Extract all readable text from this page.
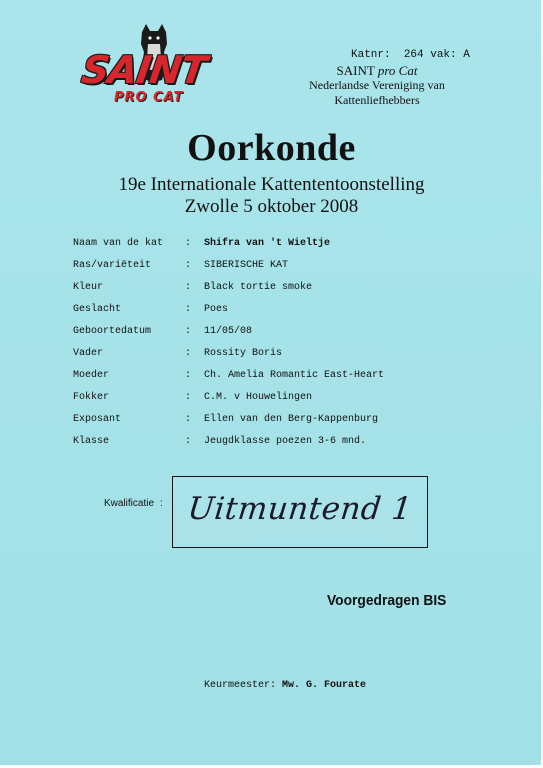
SAINT
PRO CAT
Katnr: 264 vak: A
SAINT pro Cat
Nederlandse Vereniging van
Kattenliefhebbers
Oorkonde
19e Internationale Kattententoonstelling
Zwolle 5 oktober 2008
Naam van de kat : Shifra van 't Wieltje
Ras/variëteit	: SIBERISCHE KAT
Kleur	: Black tortie smoke
Geslacht	: Poes
Geboortedatum	: 11/05/08
Vader	: Rossity Boris
Moeder	: Ch. Amelia Romantic East-Heart
Fokker	: C.M. v Houwelingen
Exposant	: Ellen van den Berg-Kappenburg
Klasse	: Jeugdklasse poezen 3-6 mnd.
Kwalificatie : Uitmuntend 1
Voorgedragen BIS
Keurmeester: Mw. G. Fourate
